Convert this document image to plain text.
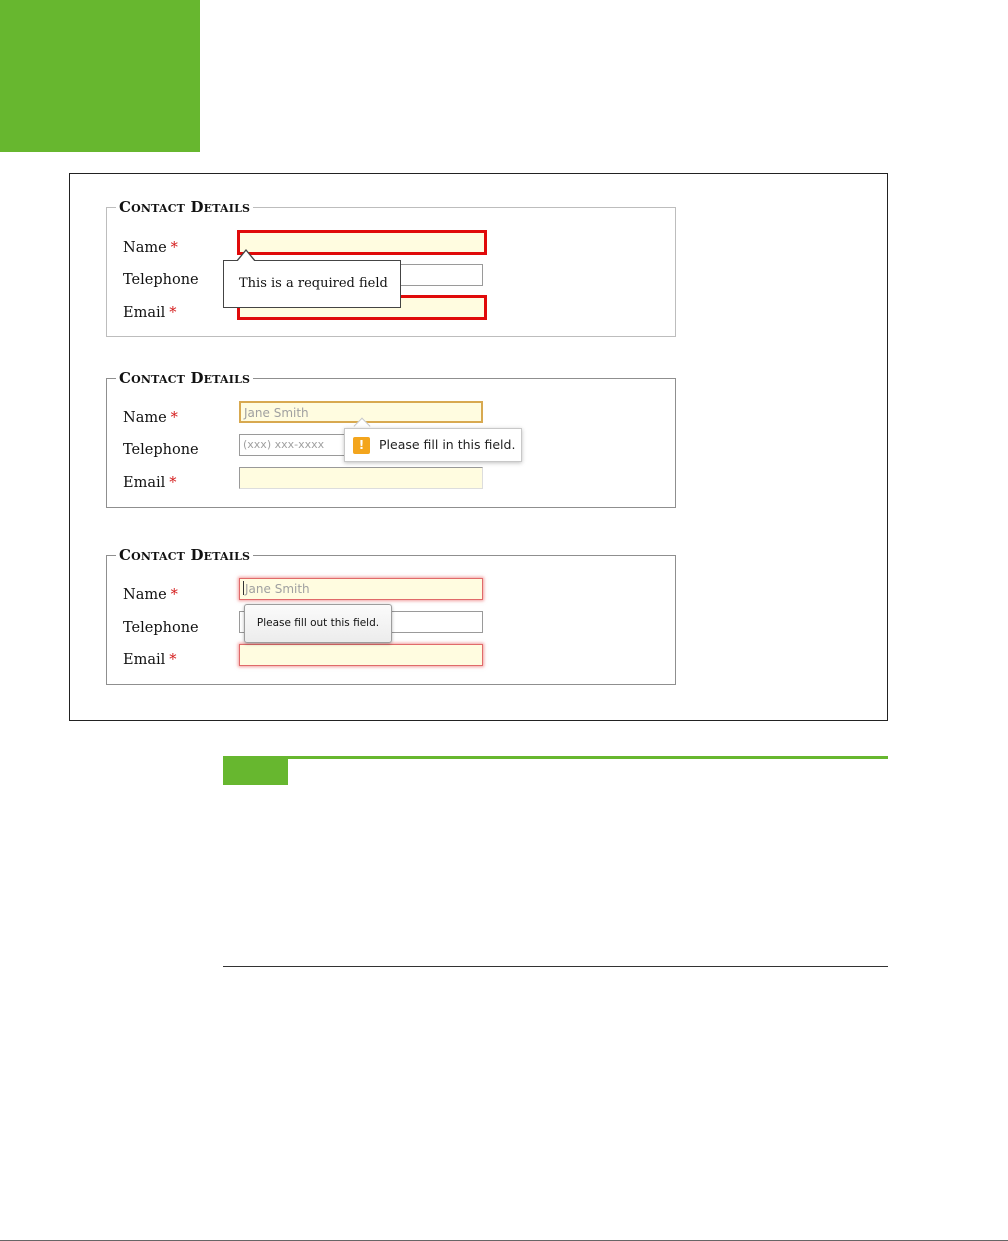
Contact Details
Name *
Telephone
Email *
This is a required field
Contact Details
Name *
Telephone
Email *
Jane Smith
(xxx) xxx-xxxx	!	Please fill in this field.
Contact Details
Name *
Telephone
Email *
Jane Smith
Please fill out this field.
